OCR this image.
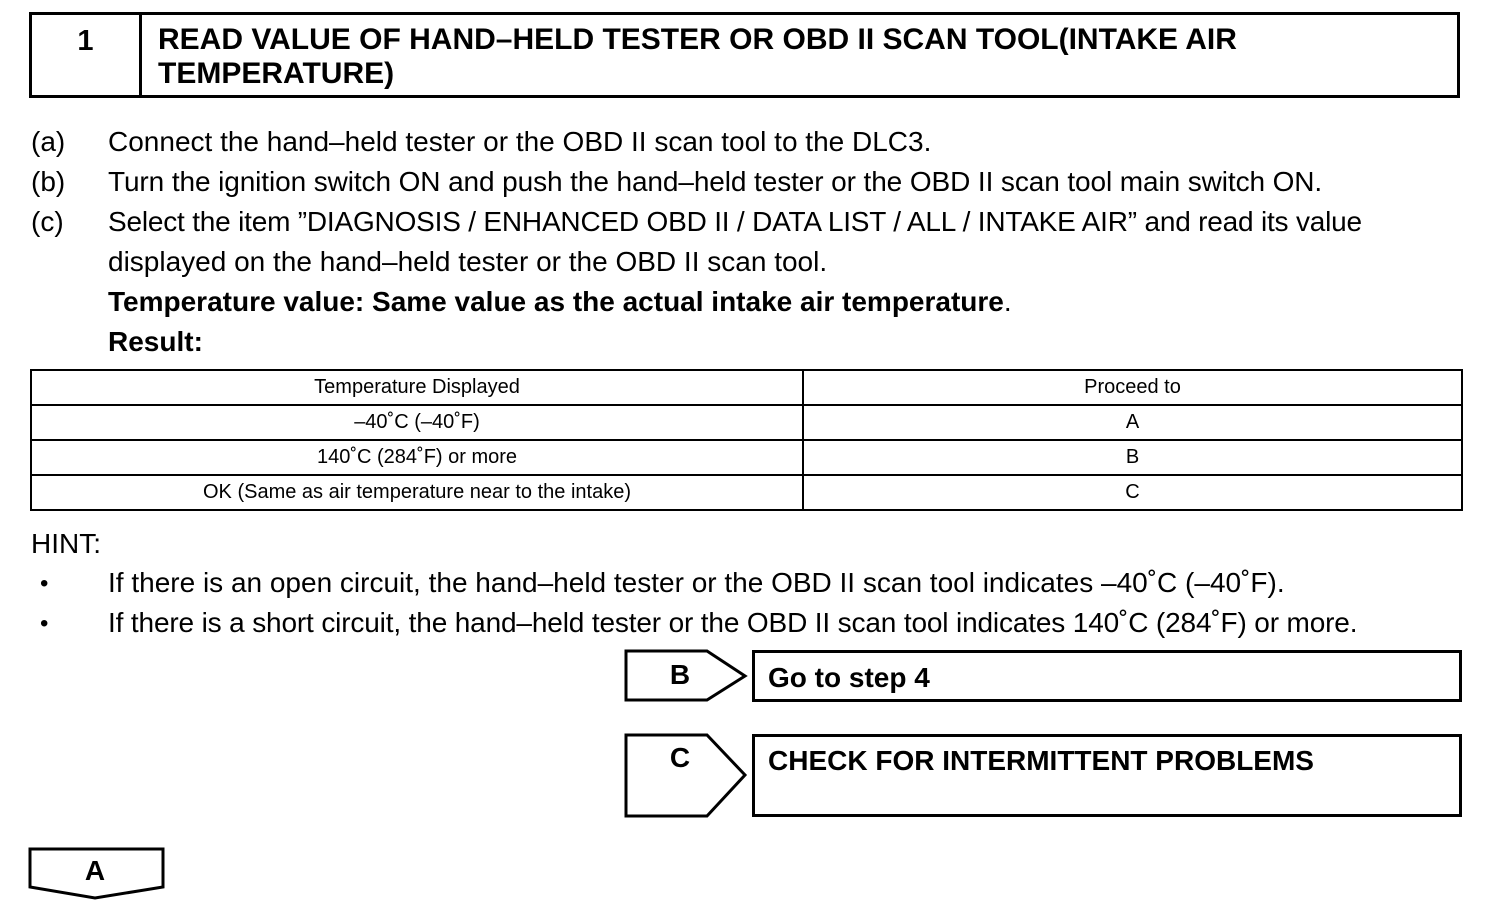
1	READ VALUE OF HAND–HELD TESTER OR OBD II SCAN TOOL(INTAKE AIR
TEMPERATURE)
(a) Connect the hand–held tester or the OBD II scan tool to the DLC3.
(b) Turn the ignition switch ON and push the hand–held tester or the OBD II scan tool main switch ON.
(c) Select the item ”DIAGNOSIS / ENHANCED OBD II / DATA LIST / ALL / INTAKE AIR” and read its value
displayed on the hand–held tester or the OBD II scan tool.
Temperature value: Same value as the actual intake air temperature.
Result:
Temperature Displayed	Proceed to
–40˚C (–40˚F)	A
140˚C (284˚F) or more	B
OK (Same as air temperature near to the intake)	C
HINT:
• If there is an open circuit, the hand–held tester or the OBD II scan tool indicates –40˚C (–40˚F).
• If there is a short circuit, the hand–held tester or the OBD II scan tool indicates 140˚C (284˚F) or more.
B	Go to step 4
C	CHECK FOR INTERMITTENT PROBLEMS
A
